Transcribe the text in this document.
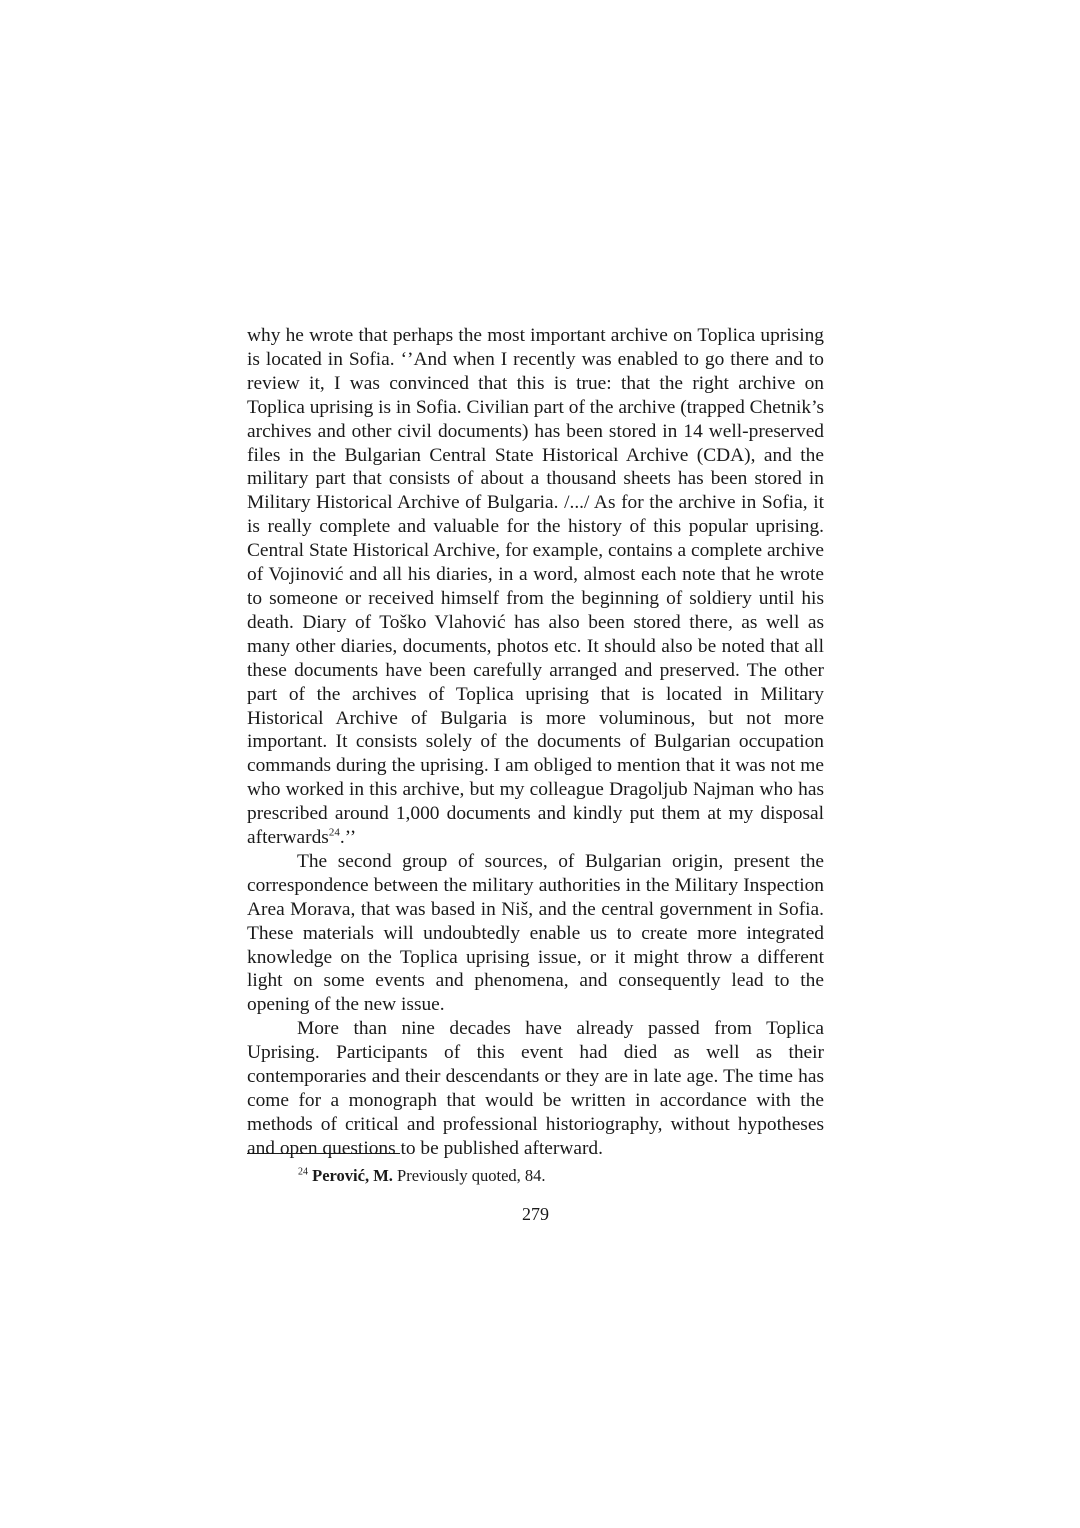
why he wrote that perhaps the most important archive on Toplica uprising is located in Sofia. ‘’And when I recently was enabled to go there and to review it, I was convinced that this is true: that the right archive on Toplica uprising is in Sofia. Civilian part of the archive (trapped Chetnik’s archives and other civil documents) has been stored in 14 well-preserved files in the Bulgarian Central State Historical Archive (CDA), and the military part that consists of about a thousand sheets has been stored in Military Historical Archive of Bulgaria. /.../ As for the archive in Sofia, it is really complete and valuable for the history of this popular uprising. Central State Historical Archive, for example, contains a complete archive of Vojinović and all his diaries, in a word, almost each note that he wrote to someone or received himself from the beginning of soldiery until his death. Diary of Toško Vlahović has also been stored there, as well as many other diaries, documents, photos etc. It should also be noted that all these documents have been carefully arranged and preserved. The other part of the archives of Toplica uprising that is located in Military Historical Archive of Bulgaria is more voluminous, but not more important. It consists solely of the documents of Bulgarian occupation commands during the uprising. I am obliged to mention that it was not me who worked in this archive, but my colleague Dragoljub Najman who has prescribed around 1,000 documents and kindly put them at my disposal afterwards$^{24}$.’’

The second group of sources, of Bulgarian origin, present the correspondence between the military authorities in the Military Inspection Area Morava, that was based in Niš, and the central government in Sofia. These materials will undoubtedly enable us to create more integrated knowledge on the Toplica uprising issue, or it might throw a different light on some events and phenomena, and consequently lead to the opening of the new issue.

More than nine decades have already passed from Toplica Uprising. Participants of this event had died as well as their contemporaries and their descendants or they are in late age. The time has come for a monograph that would be written in accordance with the methods of critical and professional historiography, without hypotheses and open questions to be published afterward.

$^{24}$ Perović, M. Previously quoted, 84.
279
